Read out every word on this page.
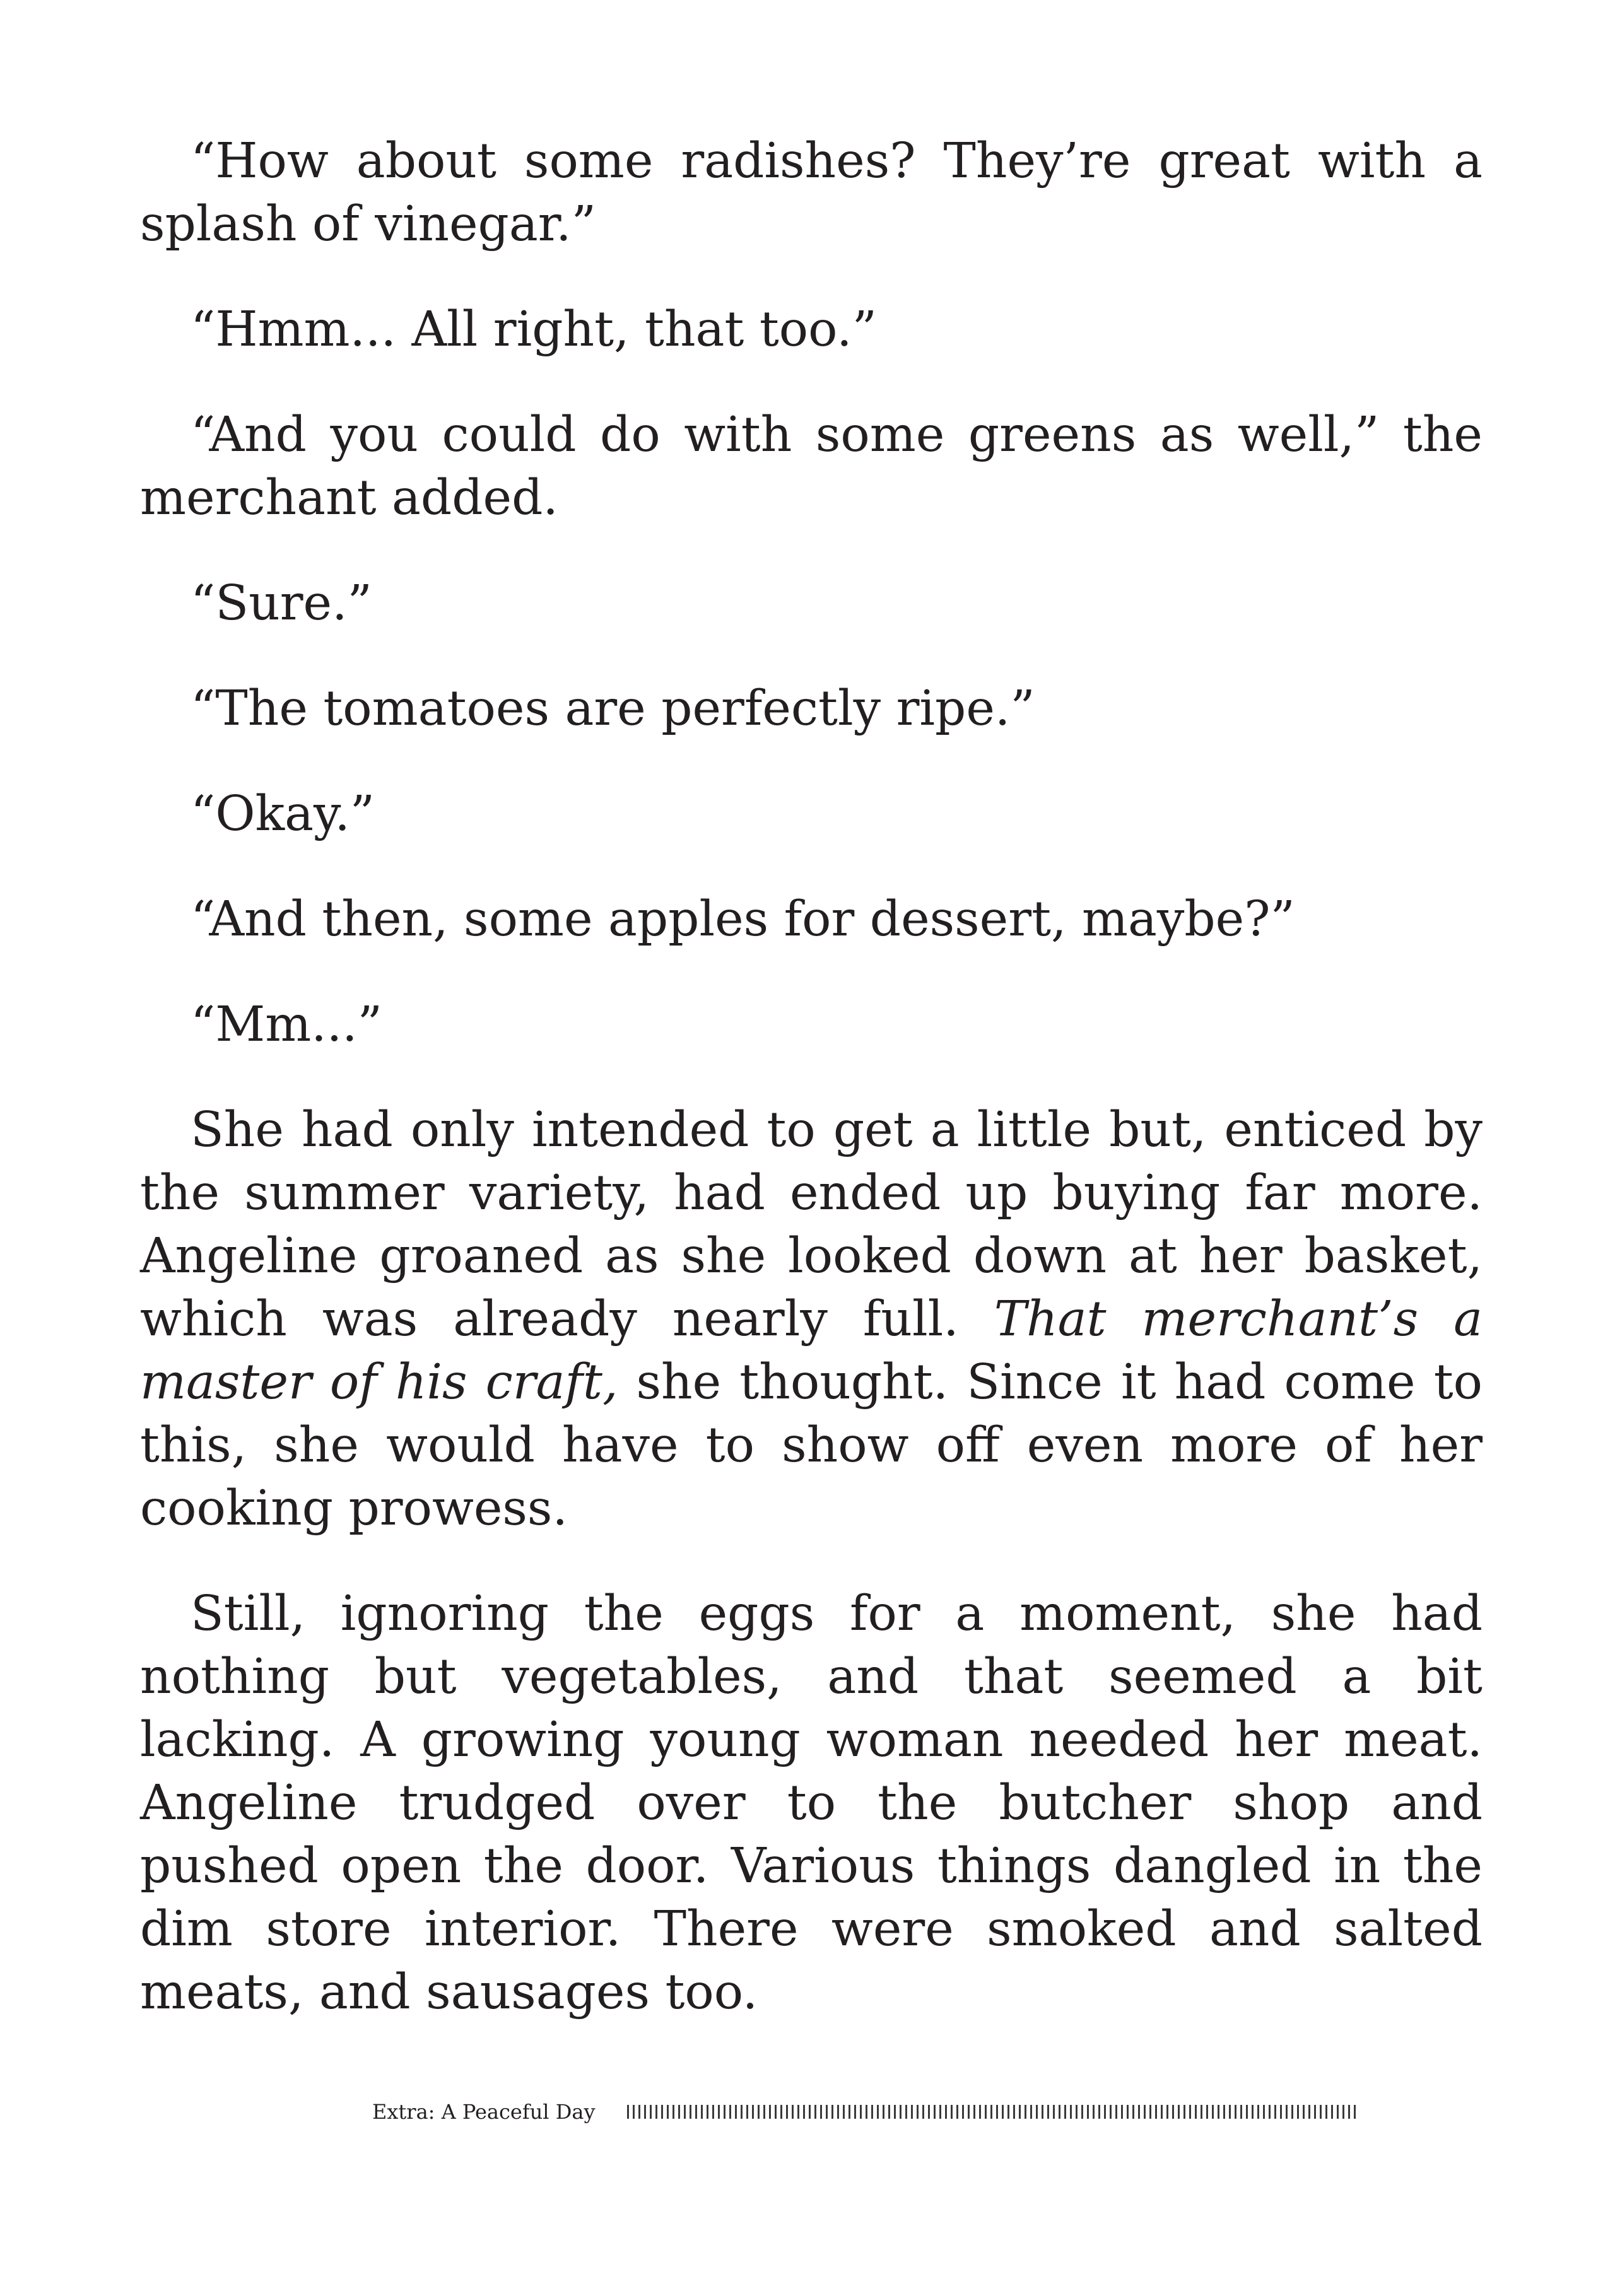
“How about some radishes? They’re great with a splash of vinegar.”

“Hmm... All right, that too.”

“And you could do with some greens as well,” the merchant added.

“Sure.”

“The tomatoes are perfectly ripe.”

“Okay.”

“And then, some apples for dessert, maybe?”

“Mm...”

She had only intended to get a little but, enticed by the summer variety, had ended up buying far more. Angeline groaned as she looked down at her basket, which was already nearly full. That merchant’s a master of his craft, she thought. Since it had come to this, she would have to show off even more of her cooking prowess.

Still, ignoring the eggs for a moment, she had nothing but vegetables, and that seemed a bit lacking. A growing young woman needed her meat. Angeline trudged over to the butcher shop and pushed open the door. Various things dangled in the dim store interior. There were smoked and salted meats, and sausages too.

Extra: A Peaceful Day
